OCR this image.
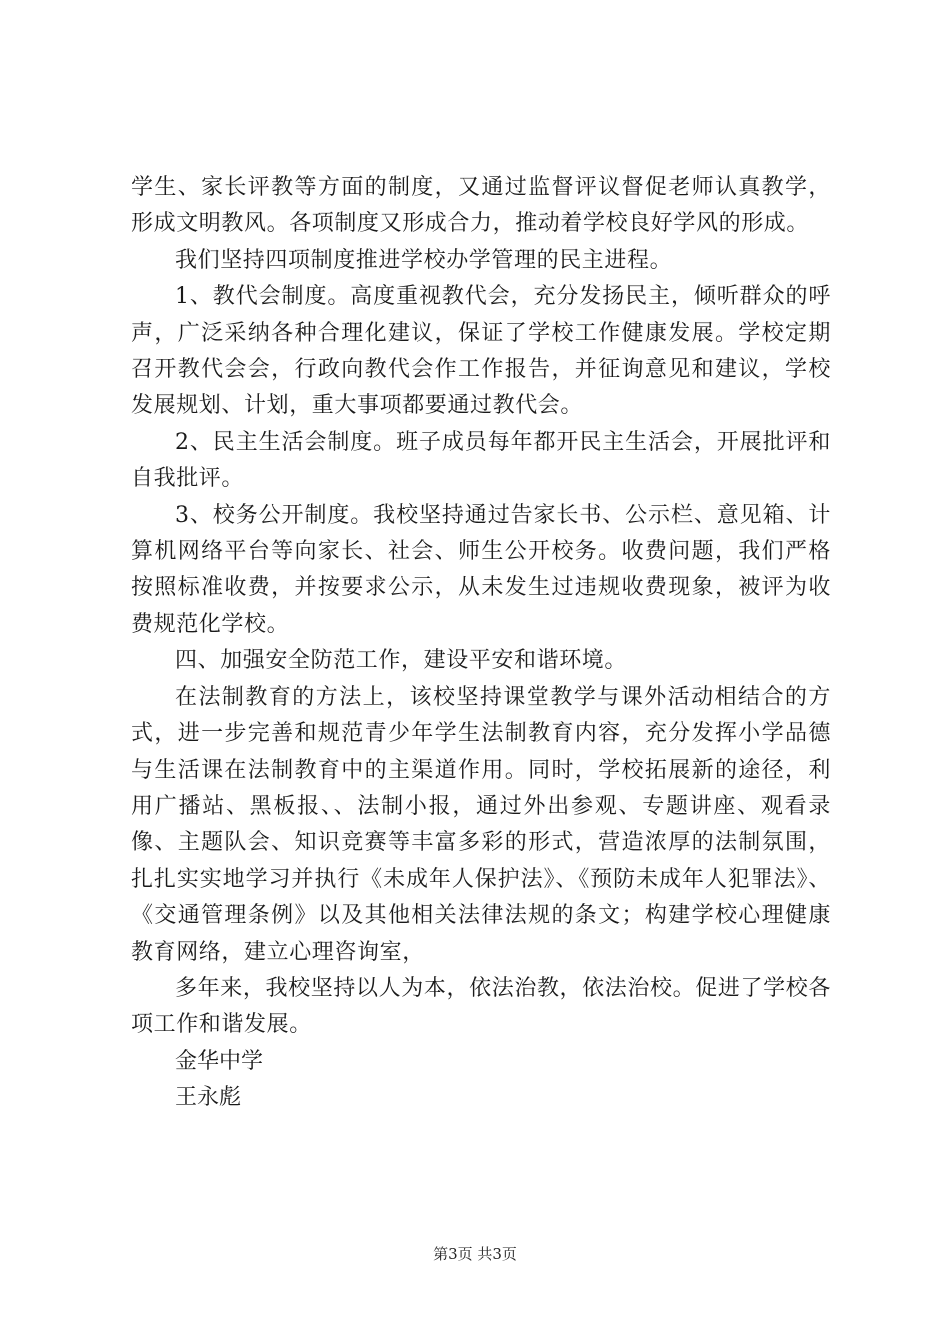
学生、家长评教等方面的制度，又通过监督评议督促老师认真教学，形成文明教风。各项制度又形成合力，推动着学校良好学风的形成。

我们坚持四项制度推进学校办学管理的民主进程。

1、教代会制度。高度重视教代会，充分发扬民主，倾听群众的呼声，广泛采纳各种合理化建议，保证了学校工作健康发展。学校定期召开教代会会，行政向教代会作工作报告，并征询意见和建议，学校发展规划、计划，重大事项都要通过教代会。

2、民主生活会制度。班子成员每年都开民主生活会，开展批评和自我批评。

3、校务公开制度。我校坚持通过告家长书、公示栏、意见箱、计算机网络平台等向家长、社会、师生公开校务。收费问题，我们严格按照标准收费，并按要求公示，从未发生过违规收费现象，被评为收费规范化学校。

四、加强安全防范工作，建设平安和谐环境。

在法制教育的方法上，该校坚持课堂教学与课外活动相结合的方式，进一步完善和规范青少年学生法制教育内容，充分发挥小学品德与生活课在法制教育中的主渠道作用。同时，学校拓展新的途径，利用广播站、黑板报、、法制小报，通过外出参观、专题讲座、观看录像、主题队会、知识竞赛等丰富多彩的形式，营造浓厚的法制氛围，扎扎实实地学习并执行《未成年人保护法》、《预防未成年人犯罪法》、《交通管理条例》以及其他相关法律法规的条文；构建学校心理健康教育网络，建立心理咨询室，

多年来，我校坚持以人为本，依法治教，依法治校。促进了学校各项工作和谐发展。

金华中学

王永彪

第3页 共3页
